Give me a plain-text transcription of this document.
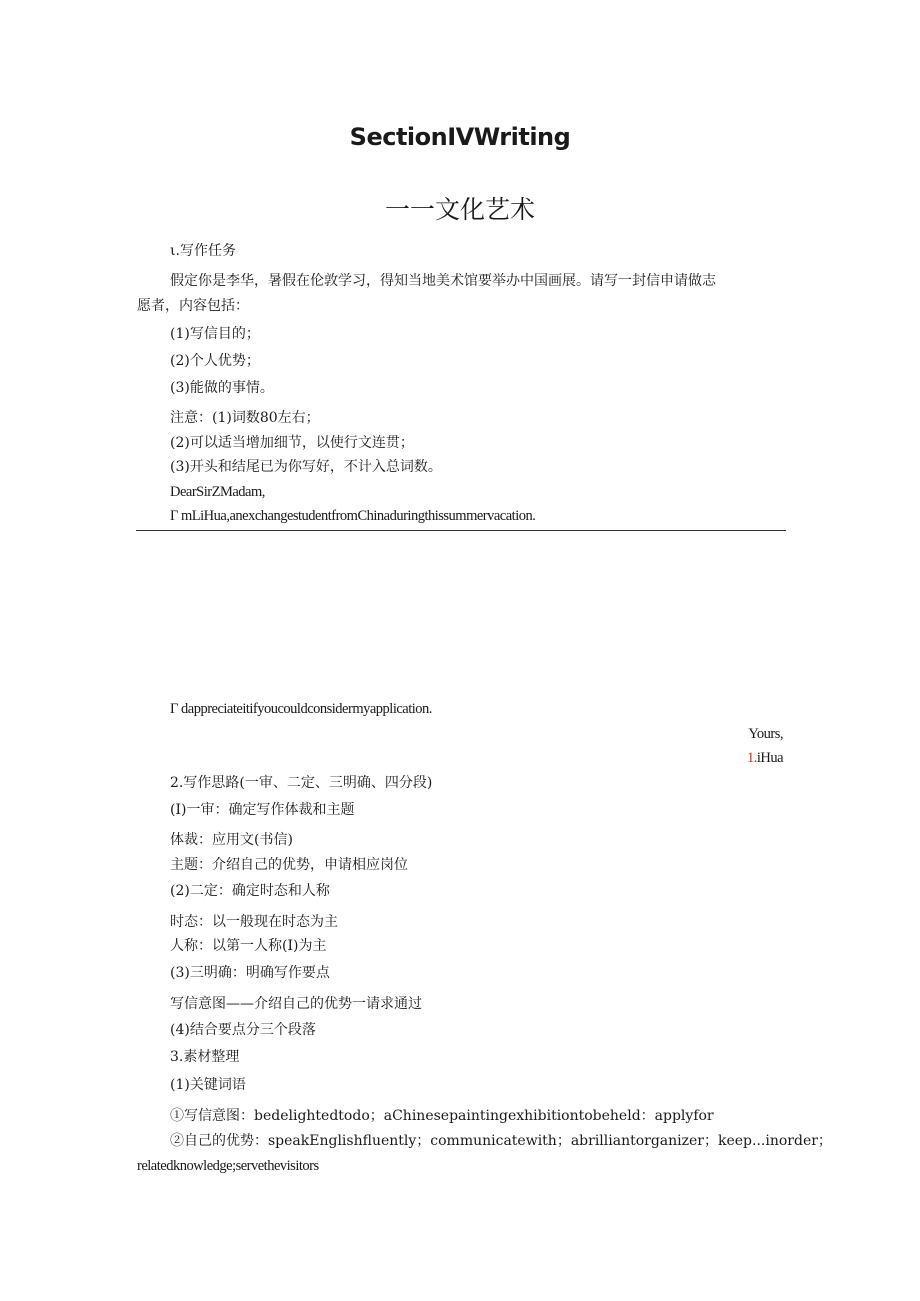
SectionIVWriting
一一文化艺术
ι.写作任务
假定你是李华，暑假在伦敦学习，得知当地美术馆要举办中国画展。请写一封信申请做志
愿者，内容包括：
(1)写信目的；
(2)个人优势；
(3)能做的事情。
注意：(1)词数80左右；
(2)可以适当增加细节，以使行文连贯；
(3)开头和结尾已为你写好，不计入总词数。
DearSirZMadam,
Γ mLiHua,anexchangestudentfromChinaduringthissummervacation.
Γ dappreciateitifyoucouldconsidermyapplication.
Yours,
1.iHua
2.写作思路(一审、二定、三明确、四分段)
(I)一审：确定写作体裁和主题
体裁：应用文(书信)
主题：介绍自己的优势，申请相应岗位
(2)二定：确定时态和人称
时态：以一般现在时态为主
人称：以第一人称(I)为主
(3)三明确：明确写作要点
写信意图——介绍自己的优势一请求通过
(4)结合要点分三个段落
3.素材整理
(1)关键词语
①写信意图：bedelightedtodo；aChinesepaintingexhibitiontobeheld：applyfor
②自己的优势：speakEnglishfluently；communicatewith；abrilliantorganizer；keep...inorder；
relatedknowledge;servethevisitors
